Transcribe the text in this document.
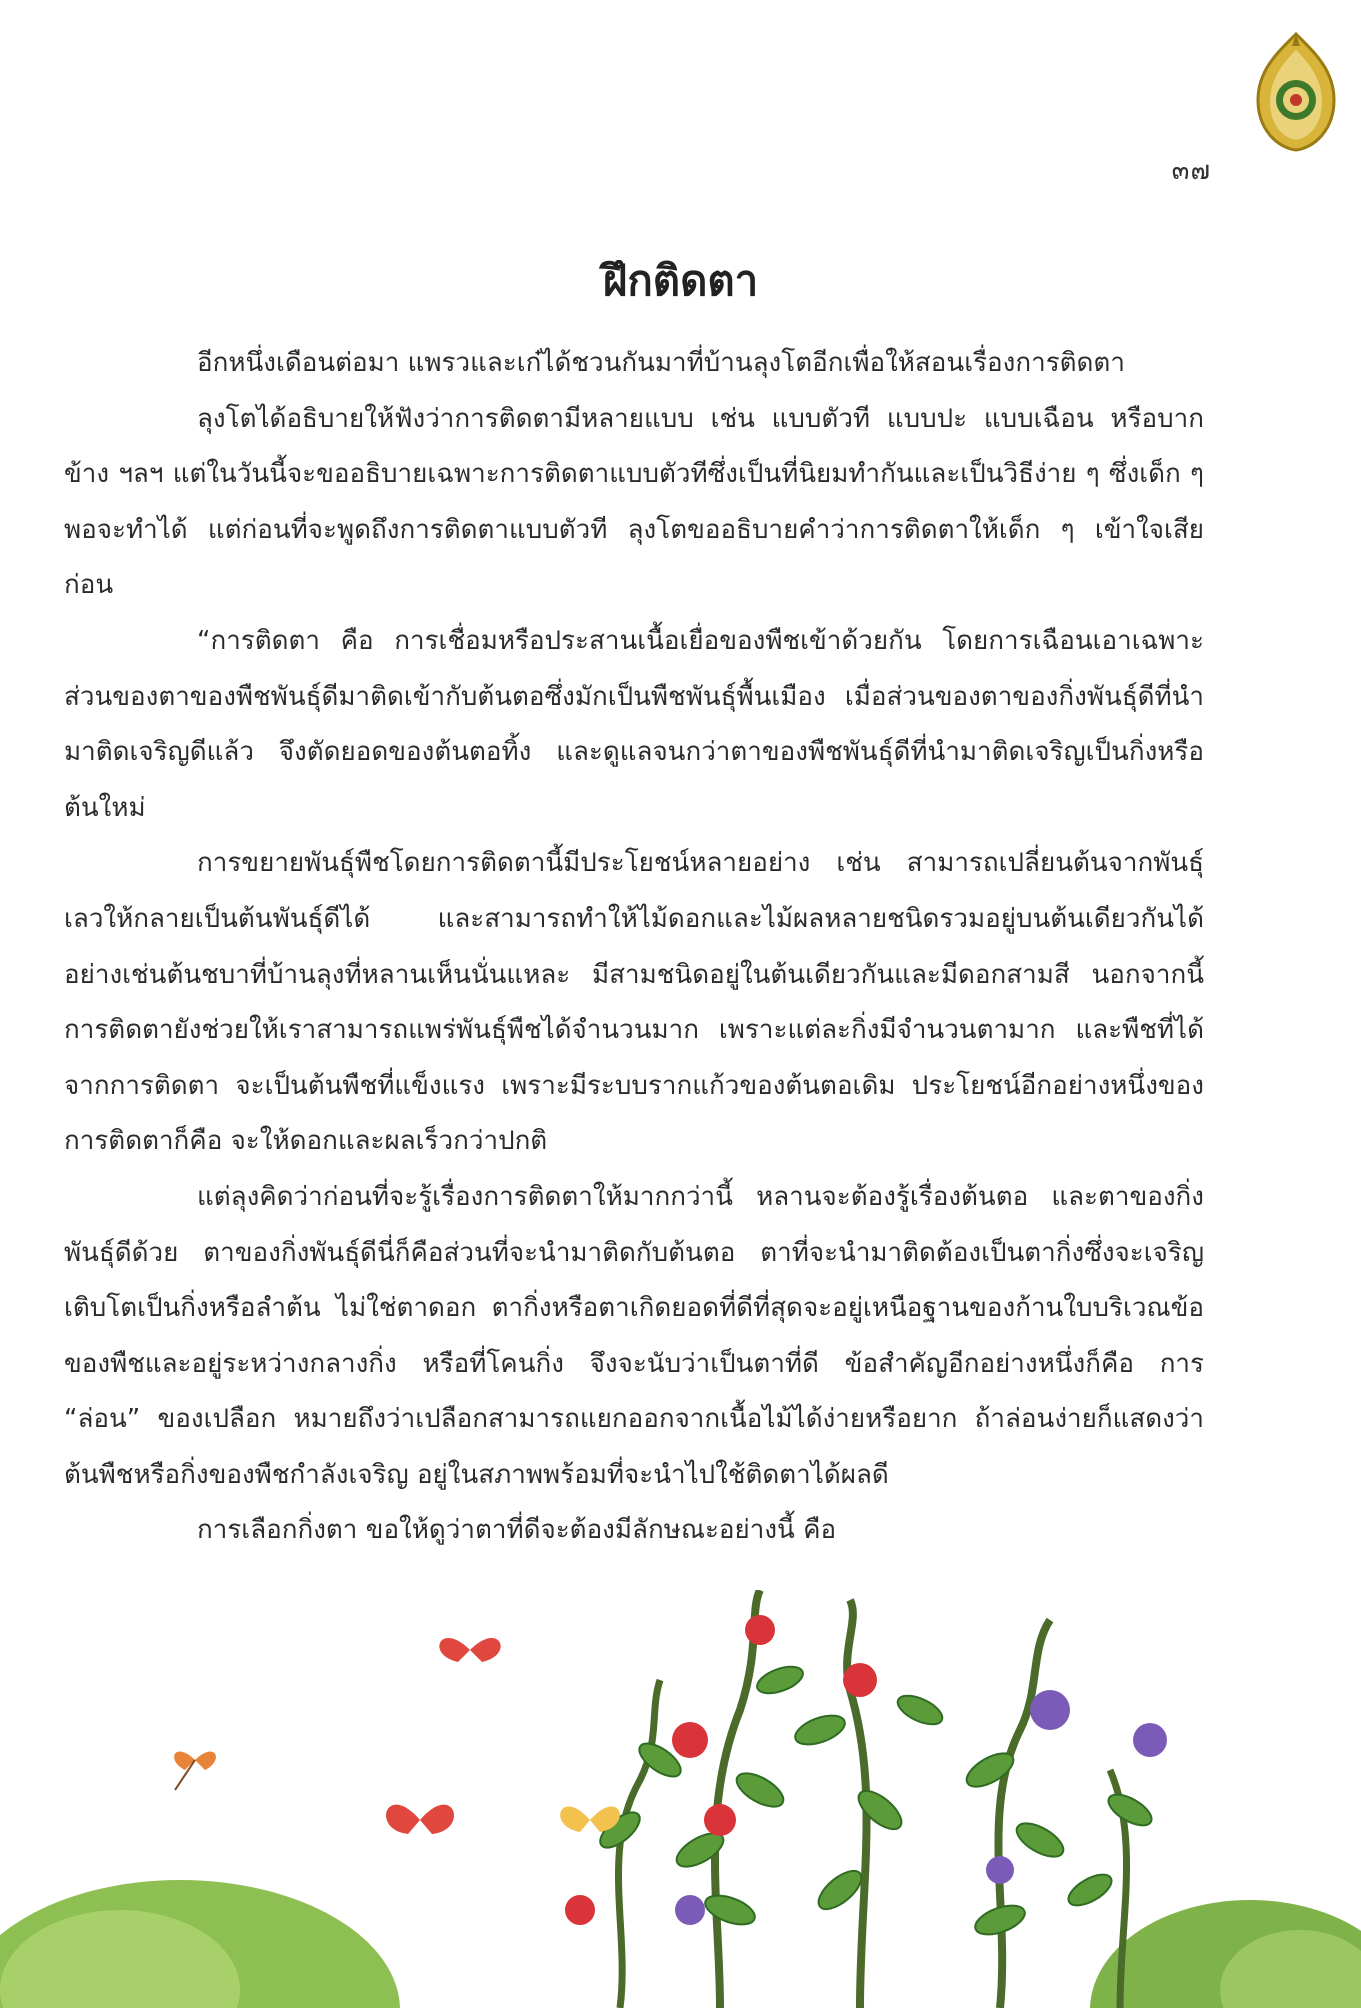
๓๗
ฝึกติดตา

อีกหนึ่งเดือนต่อมา แพรวและเก๋ได้ชวนกันมาที่บ้านลุงโตอีกเพื่อให้สอนเรื่องการติดตา

ลุงโตได้อธิบายให้ฟังว่าการติดตามีหลายแบบ เช่น แบบตัวที แบบปะ แบบเฉือน หรือบากข้าง ฯลฯ แต่ในวันนี้จะขออธิบายเฉพาะการติดตาแบบตัวทีซึ่งเป็นที่นิยมทำกันและเป็นวิธีง่าย ๆ ซึ่งเด็ก ๆ พอจะทำได้ แต่ก่อนที่จะพูดถึงการติดตาแบบตัวที ลุงโตขออธิบายคำว่าการติดตาให้เด็ก ๆ เข้าใจเสียก่อน

“การติดตา คือ การเชื่อมหรือประสานเนื้อเยื่อของพืชเข้าด้วยกัน โดยการเฉือนเอาเฉพาะส่วนของตาของพืชพันธุ์ดีมาติดเข้ากับต้นตอซึ่งมักเป็นพืชพันธุ์พื้นเมือง เมื่อส่วนของตาของกิ่งพันธุ์ดีที่นำมาติดเจริญดีแล้ว จึงตัดยอดของต้นตอทิ้ง และดูแลจนกว่าตาของพืชพันธุ์ดีที่นำมาติดเจริญเป็นกิ่งหรือต้นใหม่

การขยายพันธุ์พืชโดยการติดตานี้มีประโยชน์หลายอย่าง เช่น สามารถเปลี่ยนต้นจากพันธุ์เลวให้กลายเป็นต้นพันธุ์ดีได้ และสามารถทำให้ไม้ดอกและไม้ผลหลายชนิดรวมอยู่บนต้นเดียวกันได้ อย่างเช่นต้นชบาที่บ้านลุงที่หลานเห็นนั่นแหละ มีสามชนิดอยู่ในต้นเดียวกันและมีดอกสามสี นอกจากนี้การติดตายังช่วยให้เราสามารถแพร่พันธุ์พืชได้จำนวนมาก เพราะแต่ละกิ่งมีจำนวนตามาก และพืชที่ได้จากการติดตา จะเป็นต้นพืชที่แข็งแรง เพราะมีระบบรากแก้วของต้นตอเดิม ประโยชน์อีกอย่างหนึ่งของการติดตาก็คือ จะให้ดอกและผลเร็วกว่าปกติ

แต่ลุงคิดว่าก่อนที่จะรู้เรื่องการติดตาให้มากกว่านี้ หลานจะต้องรู้เรื่องต้นตอ และตาของกิ่งพันธุ์ดีด้วย ตาของกิ่งพันธุ์ดีนี่ก็คือส่วนที่จะนำมาติดกับต้นตอ ตาที่จะนำมาติดต้องเป็นตากิ่งซึ่งจะเจริญเติบโตเป็นกิ่งหรือลำต้น ไม่ใช่ตาดอก ตากิ่งหรือตาเกิดยอดที่ดีที่สุดจะอยู่เหนือฐานของก้านใบบริเวณข้อของพืชและอยู่ระหว่างกลางกิ่ง หรือที่โคนกิ่ง จึงจะนับว่าเป็นตาที่ดี ข้อสำคัญอีกอย่างหนึ่งก็คือ การ “ล่อน” ของเปลือก หมายถึงว่าเปลือกสามารถแยกออกจากเนื้อไม้ได้ง่ายหรือยาก ถ้าล่อนง่ายก็แสดงว่าต้นพืชหรือกิ่งของพืชกำลังเจริญ อยู่ในสภาพพร้อมที่จะนำไปใช้ติดตาได้ผลดี

การเลือกกิ่งตา ขอให้ดูว่าตาที่ดีจะต้องมีลักษณะอย่างนี้ คือ
